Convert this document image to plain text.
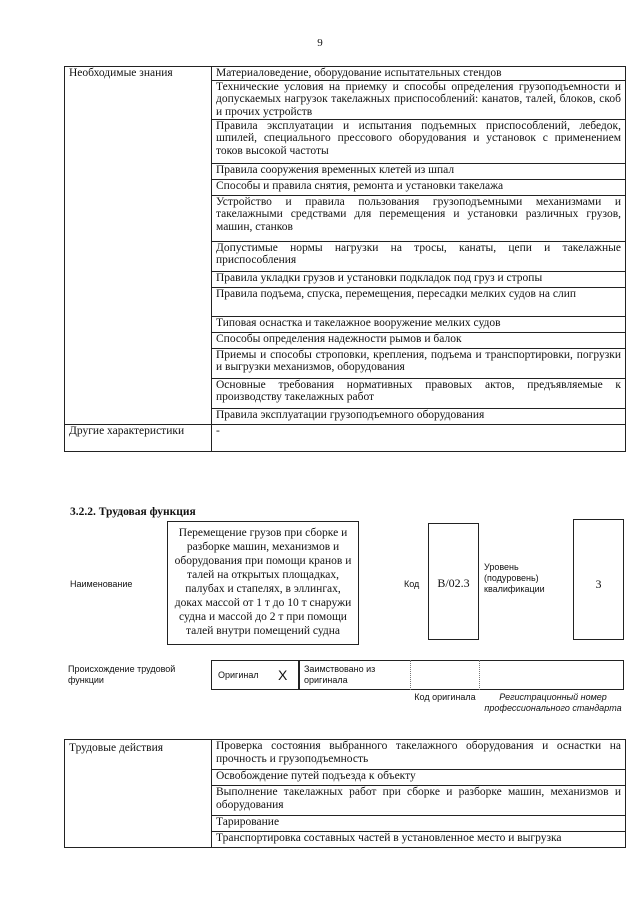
9
Необходимые знания	Материаловедение, оборудование испытательных стендов
	Технические условия на приемку и способы определения грузоподъемности и допускаемых нагрузок такелажных приспособлений: канатов, талей, блоков, скоб и прочих устройств
	Правила эксплуатации и испытания подъемных приспособлений, лебедок, шпилей, специального прессового оборудования и установок с применением токов высокой частоты
	Правила сооружения временных клетей из шпал
	Способы и правила снятия, ремонта и установки такелажа
	Устройство и правила пользования грузоподъемными механизмами и такелажными средствами для перемещения и установки различных грузов, машин, станков
	Допустимые нормы нагрузки на тросы, канаты, цепи и такелажные приспособления
	Правила укладки грузов и установки подкладок под груз и стропы
	Правила подъема, спуска, перемещения, пересадки мелких судов на слип
	Типовая оснастка и такелажное вооружение мелких судов
	Способы определения надежности рымов и балок
	Приемы и способы строповки, крепления, подъема и транспортировки, погрузки и выгрузки механизмов, оборудования
	Основные требования нормативных правовых актов, предъявляемые к производству такелажных работ
	Правила эксплуатации грузоподъемного оборудования
Другие характеристики	-
3.2.2. Трудовая функция
Наименование
Перемещение грузов при сборке и разборке машин, механизмов и оборудования при помощи кранов и талей на открытых площадках, палубах и стапелях, в эллингах, доках массой от 1 т до 10 т снаружи судна и массой до 2 т при помощи талей внутри помещений судна
Код	B/02.3
Уровень (подуровень) квалификации	3
Происхождение трудовой функции	Оригинал X Заимствовано из оригинала
Код оригинала	Регистрационный номер профессионального стандарта
Трудовые действия	Проверка состояния выбранного такелажного оборудования и оснастки на прочность и грузоподъемность
Освобождение путей подъезда к объекту
Выполнение такелажных работ при сборке и разборке машин, механизмов и оборудования
Тарирование
Транспортировка составных частей в установленное место и выгрузка
